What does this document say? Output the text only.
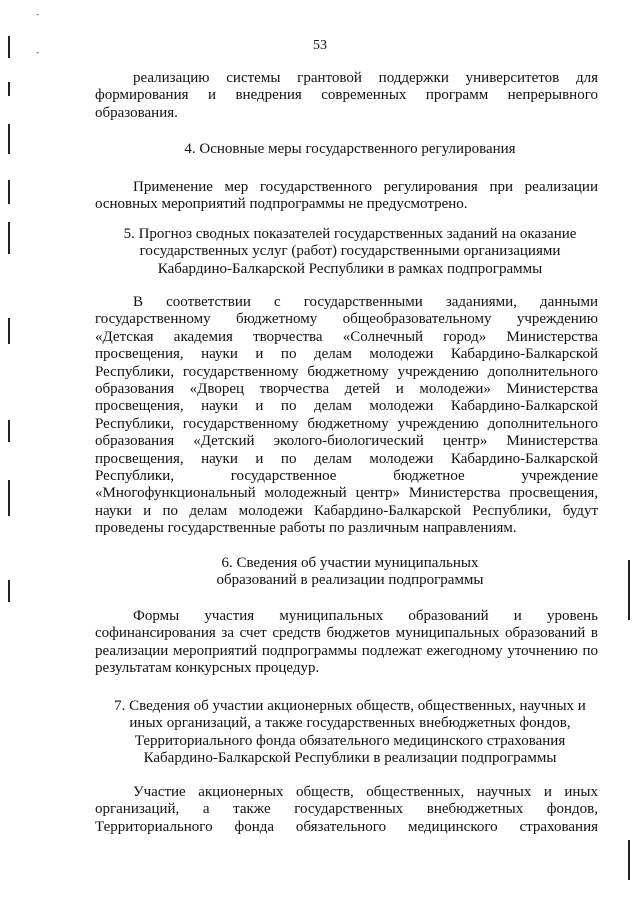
-
-	53
реализацию системы грантовой поддержки университетов для
формирования и внедрения современных программ непрерывного
образования.
4. Основные меры государственного регулирования
Применение мер государственного регулирования при реализации
основных мероприятий подпрограммы не предусмотрено.
5. Прогноз сводных показателей государственных заданий на оказание
государственных услуг (работ) государственными организациями
Кабардино-Балкарской Республики в рамках подпрограммы
В соответствии с государственными заданиями, данными
государственному бюджетному общеобразовательному учреждению
«Детская академия творчества «Солнечный город» Министерства
просвещения, науки и по делам молодежи Кабардино-Балкарской
Республики, государственному бюджетному учреждению дополнительного
образования «Дворец творчества детей и молодежи» Министерства
просвещения, науки и по делам молодежи Кабардино-Балкарской
Республики, государственному бюджетному учреждению дополнительного
образования «Детский эколого-биологический центр» Министерства
просвещения, науки и по делам молодежи Кабардино-Балкарской
Республики, государственное бюджетное учреждение
«Многофункциональный молодежный центр» Министерства просвещения,
науки и по делам молодежи Кабардино-Балкарской Республики, будут
проведены государственные работы по различным направлениям.
6. Сведения об участии муниципальных
образований в реализации подпрограммы
Формы участия муниципальных образований и уровень
софинансирования за счет средств бюджетов муниципальных образований в
реализации мероприятий подпрограммы подлежат ежегодному уточнению по
результатам конкурсных процедур.
7. Сведения об участии акционерных обществ, общественных, научных и
иных организаций, а также государственных внебюджетных фондов,
Территориального фонда обязательного медицинского страхования
Кабардино-Балкарской Республики в реализации подпрограммы
Участие акционерных обществ, общественных, научных и иных
организаций, а также государственных внебюджетных фондов,
Территориального фонда обязательного медицинского страхования
